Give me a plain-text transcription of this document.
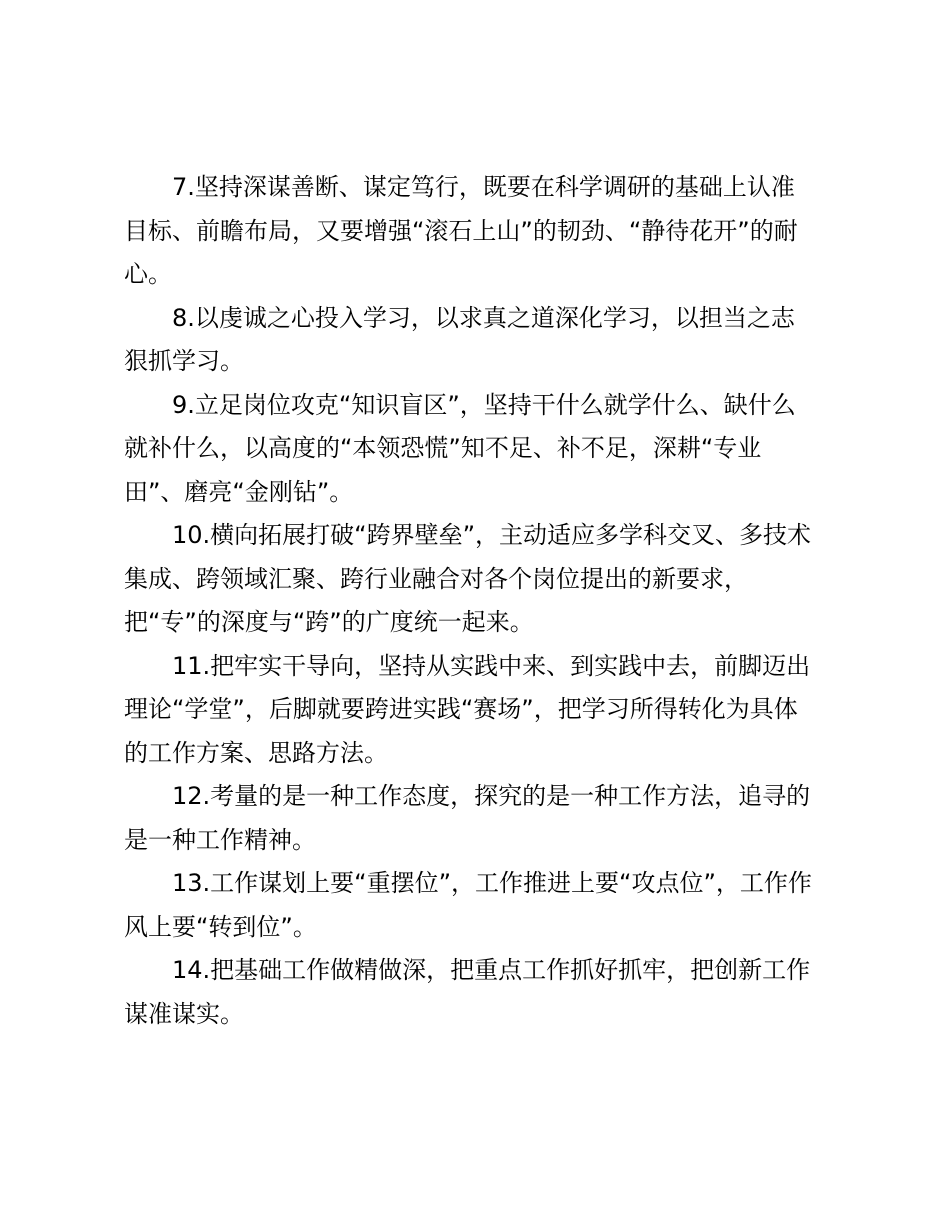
7.坚持深谋善断、谋定笃行，既要在科学调研的基础上认准
目标、前瞻布局，又要增强“滚石上山”的韧劲、“静待花开”的耐
心。

8.以虔诚之心投入学习，以求真之道深化学习，以担当之志
狠抓学习。

9.立足岗位攻克“知识盲区”，坚持干什么就学什么、缺什么
就补什么，以高度的“本领恐慌”知不足、补不足，深耕“专业
田”、磨亮“金刚钻”。

10.横向拓展打破“跨界壁垒”，主动适应多学科交叉、多技术
集成、跨领域汇聚、跨行业融合对各个岗位提出的新要求，
把“专”的深度与“跨”的广度统一起来。

11.把牢实干导向，坚持从实践中来、到实践中去，前脚迈出
理论“学堂”，后脚就要跨进实践“赛场”，把学习所得转化为具体
的工作方案、思路方法。

12.考量的是一种工作态度，探究的是一种工作方法，追寻的
是一种工作精神。

13.工作谋划上要“重摆位”，工作推进上要“攻点位”，工作作
风上要“转到位”。

14.把基础工作做精做深，把重点工作抓好抓牢，把创新工作
谋准谋实。
